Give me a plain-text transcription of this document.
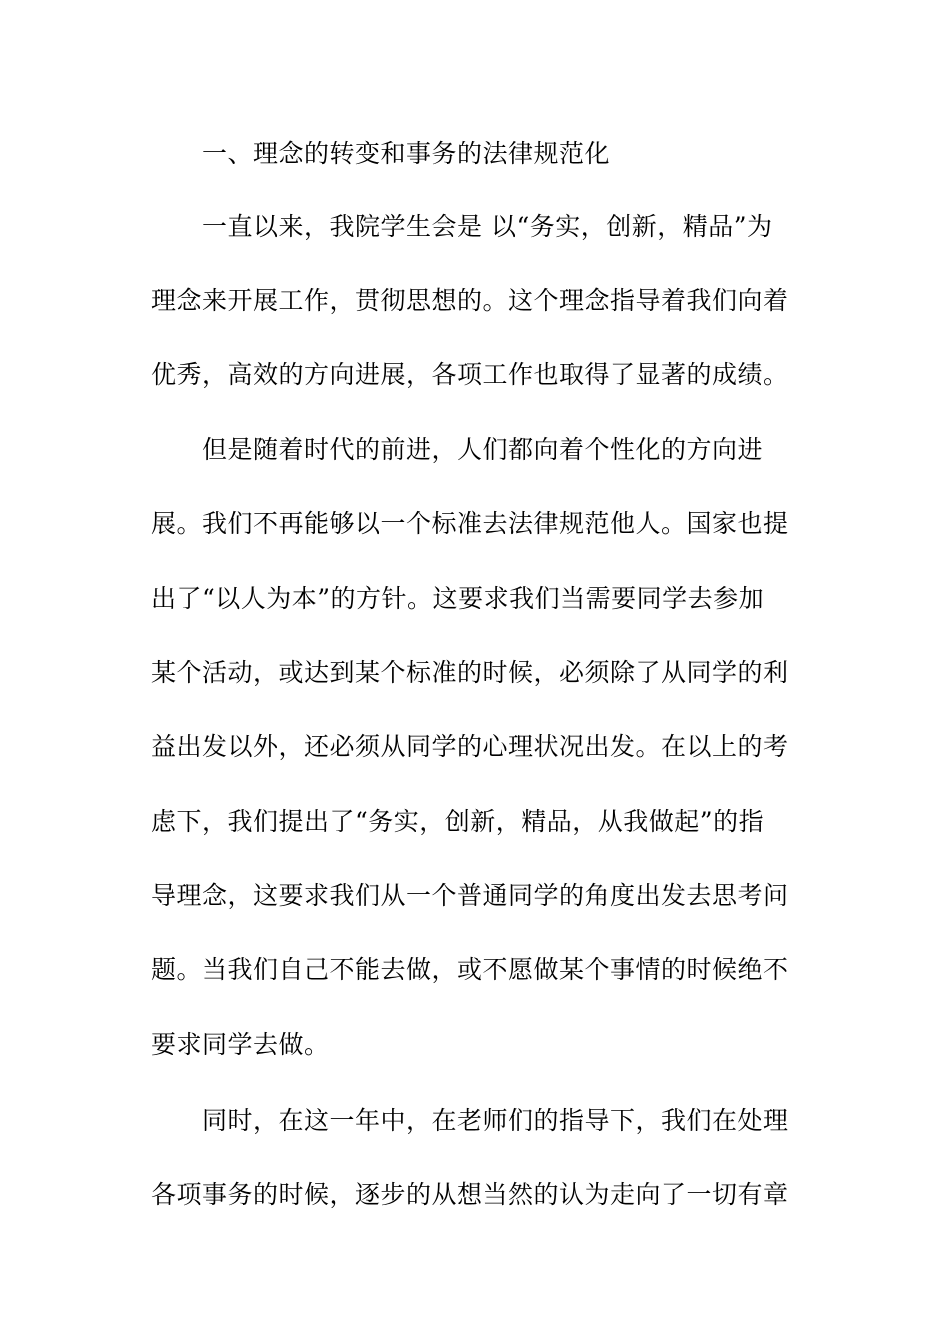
一、理念的转变和事务的法律规范化
一直以来，我院学生会是 以“务实，创新，精品”为
理念来开展工作，贯彻思想的。这个理念指导着我们向着
优秀，高效的方向进展，各项工作也取得了显著的成绩。
但是随着时代的前进，人们都向着个性化的方向进
展。我们不再能够以一个标准去法律规范他人。国家也提
出了“以人为本”的方针。这要求我们当需要同学去参加
某个活动，或达到某个标准的时候，必须除了从同学的利
益出发以外，还必须从同学的心理状况出发。在以上的考
虑下，我们提出了“务实，创新，精品，从我做起”的指
导理念，这要求我们从一个普通同学的角度出发去思考问
题。当我们自己不能去做，或不愿做某个事情的时候绝不
要求同学去做。
同时，在这一年中，在老师们的指导下，我们在处理
各项事务的时候，逐步的从想当然的认为走向了一切有章
